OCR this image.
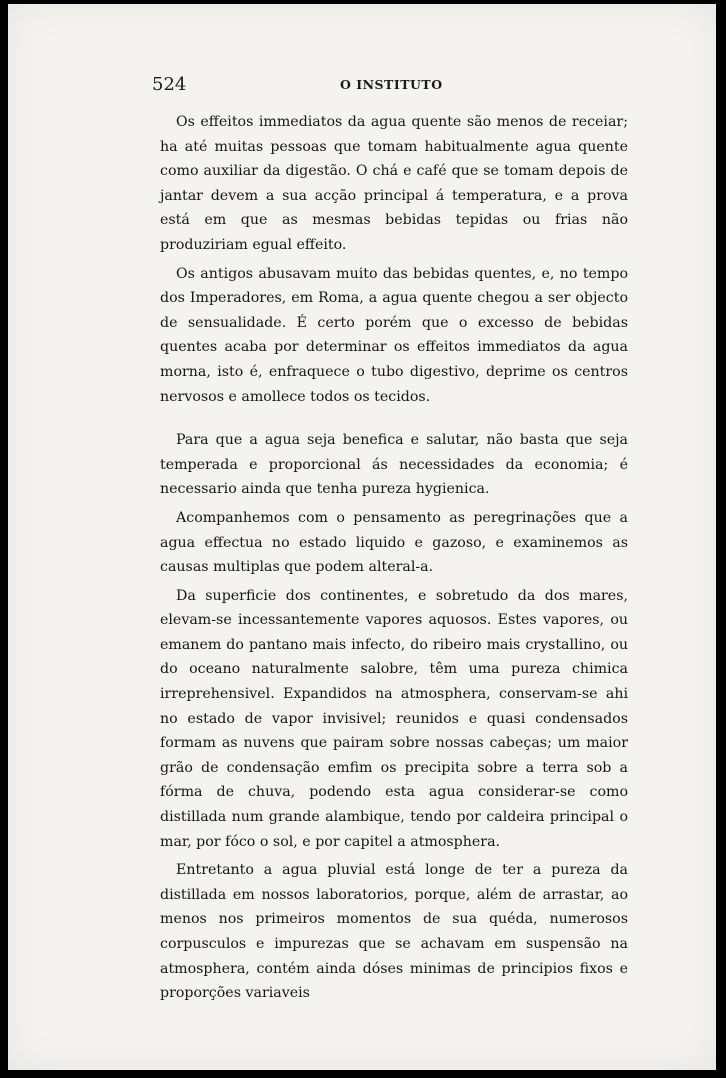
524	O INSTITUTO

Os effeitos immediatos da agua quente são menos de receiar; ha até muitas pessoas que tomam habitualmente agua quente como auxiliar da digestão. O chá e café que se tomam depois de jantar devem a sua acção principal á temperatura, e a prova está em que as mesmas bebidas tepidas ou frias não produziriam egual effeito.

Os antigos abusavam muito das bebidas quentes, e, no tempo dos Imperadores, em Roma, a agua quente chegou a ser objecto de sensualidade. É certo porém que o excesso de bebidas quentes acaba por determinar os effeitos immediatos da agua morna, isto é, enfraquece o tubo digestivo, deprime os centros nervosos e amollece todos os tecidos.

Para que a agua seja benefica e salutar, não basta que seja temperada e proporcional ás necessidades da economia; é necessario ainda que tenha pureza hygienica.

Acompanhemos com o pensamento as peregrinações que a agua effectua no estado liquido e gazoso, e examinemos as causas multiplas que podem alteral-a.

Da superficie dos continentes, e sobretudo da dos mares, elevam-se incessantemente vapores aquosos. Estes vapores, ou emanem do pantano mais infecto, do ribeiro mais crystallino, ou do oceano naturalmente salobre, têm uma pureza chimica irreprehensivel. Expandidos na atmosphera, conservam-se ahi no estado de vapor invisivel; reunidos e quasi condensados formam as nuvens que pairam sobre nossas cabeças; um maior grão de condensação emfim os precipita sobre a terra sob a fórma de chuva, podendo esta agua considerar-se como distillada num grande alambique, tendo por caldeira principal o mar, por fóco o sol, e por capitel a atmosphera.

Entretanto a agua pluvial está longe de ter a pureza da distillada em nossos laboratorios, porque, além de arrastar, ao menos nos primeiros momentos de sua quéda, numerosos corpusculos e impurezas que se achavam em suspensão na atmosphera, contém ainda dóses minimas de principios fixos e proporções variaveis
